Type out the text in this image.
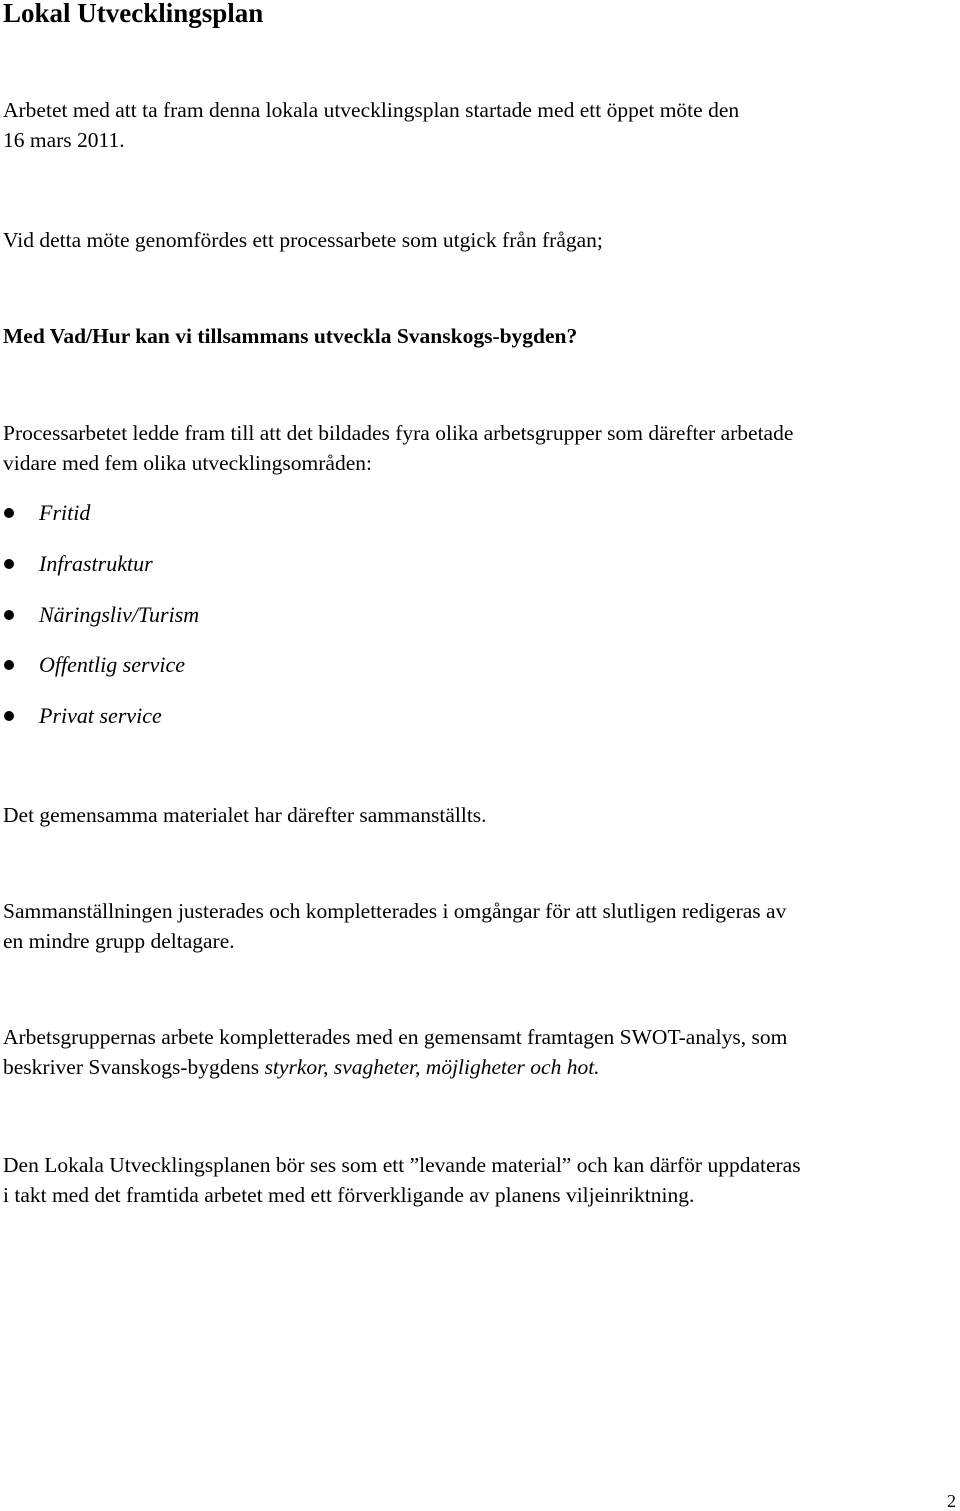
Lokal Utvecklingsplan
Arbetet med att ta fram denna lokala utvecklingsplan startade med ett öppet möte den
16 mars 2011.
Vid detta möte genomfördes ett processarbete som utgick från frågan;
Med Vad/Hur kan vi tillsammans utveckla Svanskogs-bygden?
Processarbetet ledde fram till att det bildades fyra olika arbetsgrupper som därefter arbetade
vidare med fem olika utvecklingsområden:
Fritid
Infrastruktur
Näringsliv/Turism
Offentlig service
Privat service
Det gemensamma materialet har därefter sammanställts.
Sammanställningen justerades och kompletterades i omgångar för att slutligen redigeras av
en mindre grupp deltagare.
Arbetsgruppernas arbete kompletterades med en gemensamt framtagen SWOT-analys, som
beskriver Svanskogs-bygdens styrkor, svagheter, möjligheter och hot.
Den Lokala Utvecklingsplanen bör ses som ett ”levande material” och kan därför uppdateras
i takt med det framtida arbetet med ett förverkligande av planens viljeinriktning.
2
